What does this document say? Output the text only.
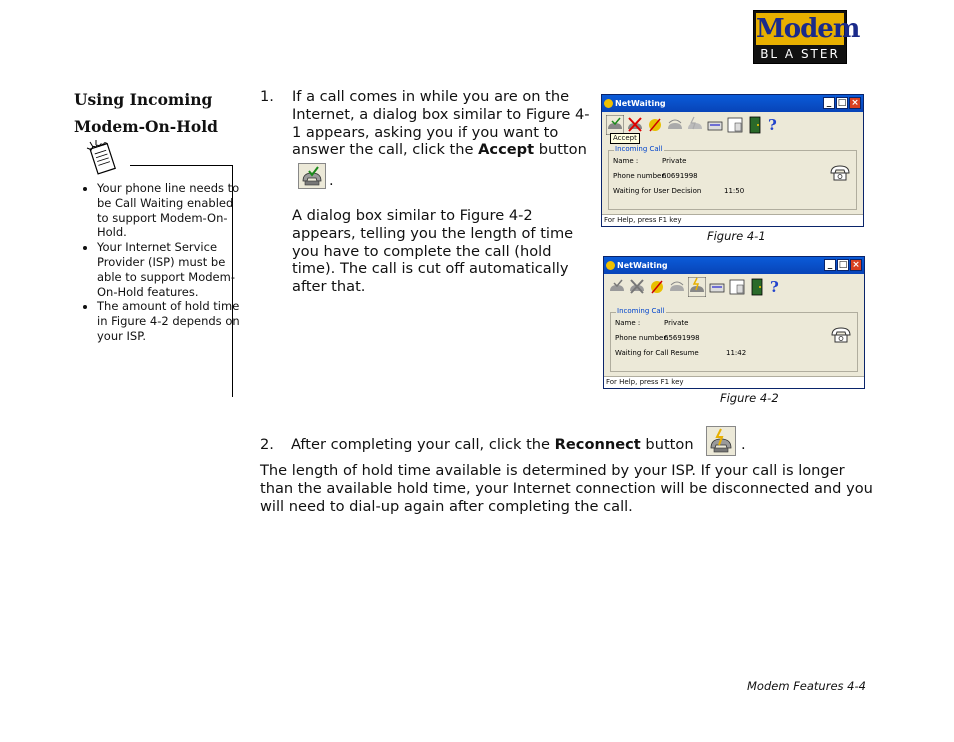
Modem
BL A STER
Using Incoming
Modem-On-Hold
• Your phone line needs to be Call Waiting enabled to support Modem-On-Hold.
• Your Internet Service Provider (ISP) must be able to support Modem-On-Hold features.
• The amount of hold time in Figure 4-2 depends on your ISP.
1. If a call comes in while you are on the Internet, a dialog box similar to Figure 4-1 appears, asking you if you want to answer the call, click the Accept button
.
A dialog box similar to Figure 4-2 appears, telling you the length of time you have to complete the call (hold time). The call is cut off automatically after that.
NetWaiting	_ □ ×
?
Accept
Incoming Call
Name :	Private
Phone number:
60691998
Waiting for User Decision	11:50
For Help, press F1 key
Figure 4-1
NetWaiting	_ □ ×
?
Incoming Call
Name :	Private
Phone number:
65691998
Waiting for Call Resume	11:42
For Help, press F1 key
Figure 4-2
2. After completing your call, click the Reconnect button	.
The length of hold time available is determined by your ISP. If your call is longer than the available hold time, your Internet connection will be disconnected and you will need to dial-up again after completing the call.
Modem Features 4-4
